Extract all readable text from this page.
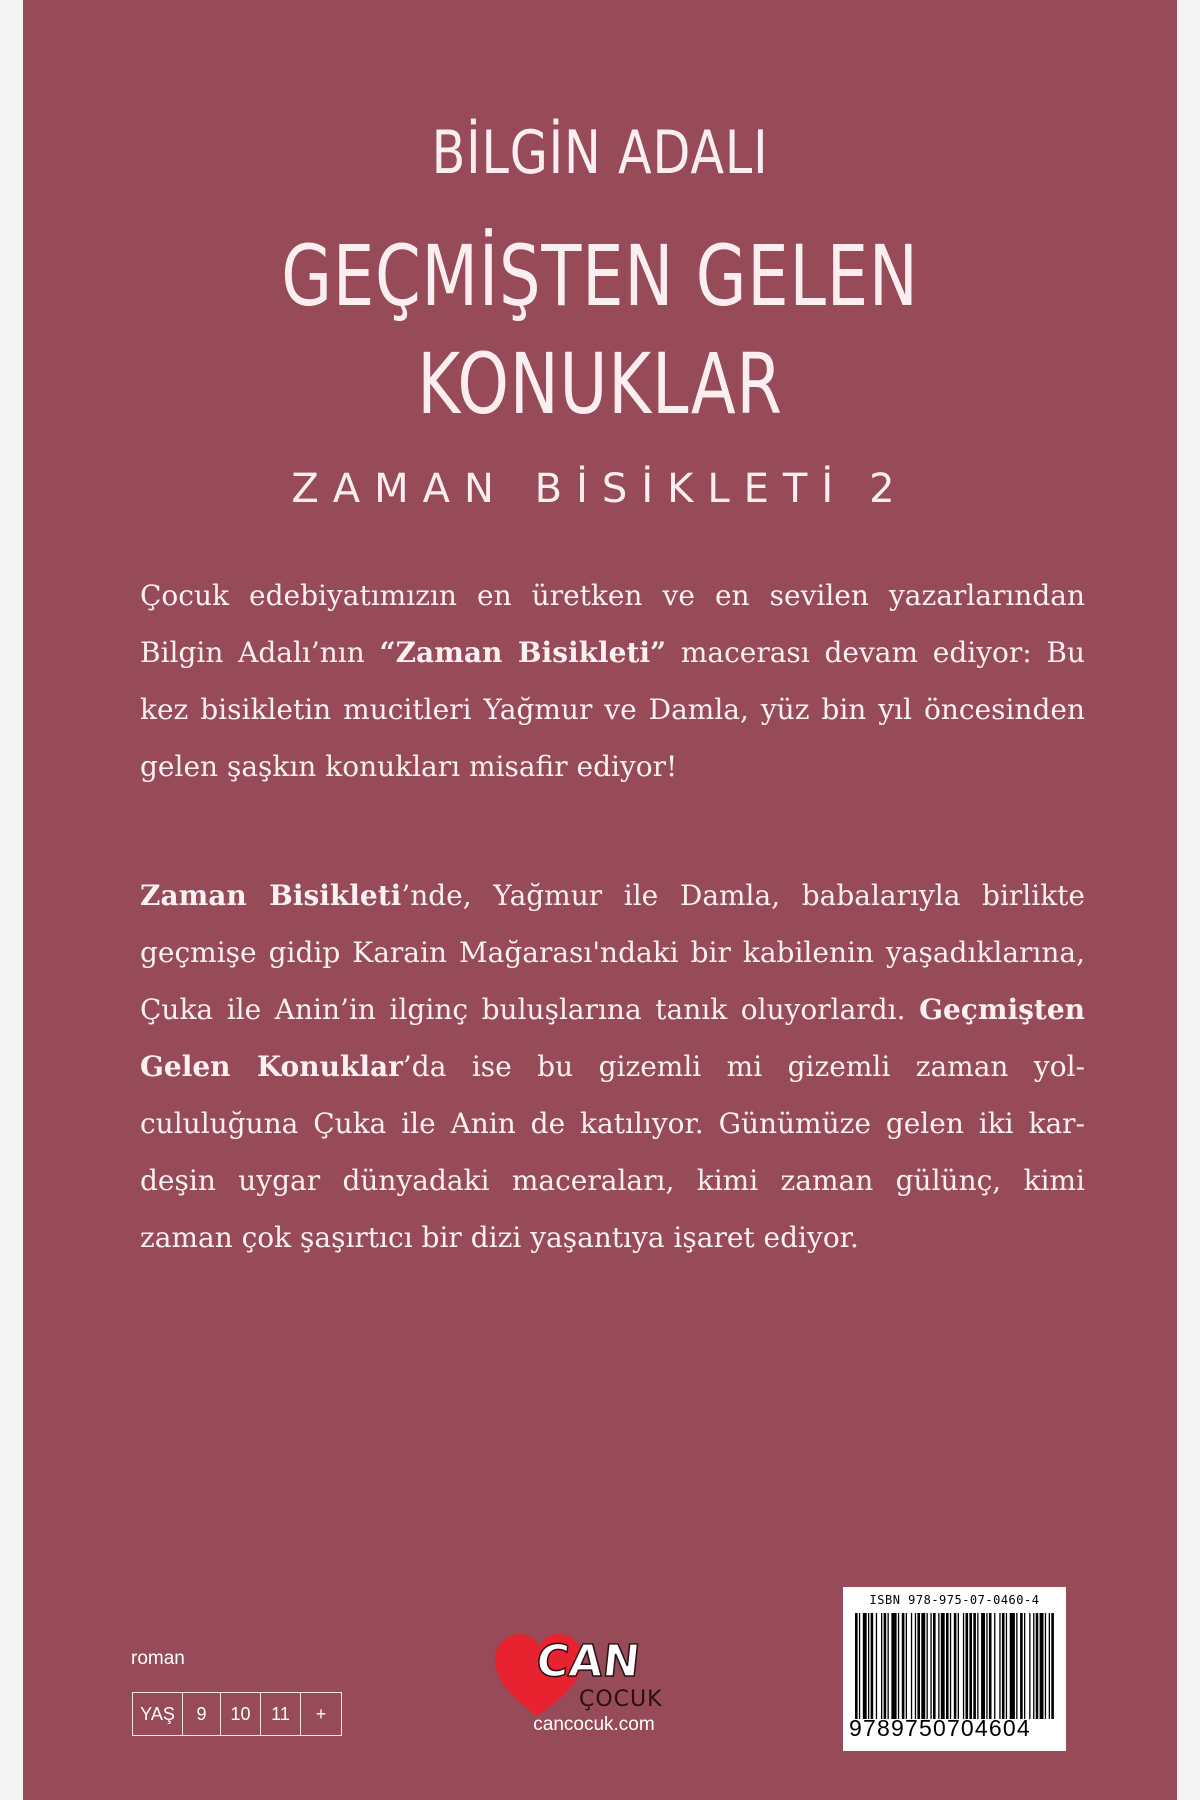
BİLGİN ADALI
GEÇMİŞTEN GELEN
KONUKLAR
ZAMAN BİSİKLETİ 2

Çocuk edebiyatımızın en üretken ve en sevilen yazarlarından Bilgin Adalı’nın “Zaman Bisikleti” macerası devam ediyor: Bu kez bisikletin mucitleri Yağmur ve Damla, yüz bin yıl öncesinden gelen şaşkın konukları misafir ediyor!

Zaman Bisikleti’nde, Yağmur ile Damla, babalarıyla birlikte geçmişe gidip Karain Mağarası'ndaki bir kabilenin yaşadıklarına, Çuka ile Anin’in ilginç buluşlarına tanık oluyorlardı. Geçmişten Gelen Konuklar’da ise bu gizemli mi gizemli zaman yolcululuğuna Çuka ile Anin de katılıyor. Günümüze gelen iki kardeşin uygar dünyadaki maceraları, kimi zaman gülünç, kimi zaman çok şaşırtıcı bir dizi yaşantıya işaret ediyor.

roman
YAŞ	9	10	11	+
CAN
ÇOCUK
cancocuk.com
ISBN 978-975-07-0460-4
9789750704604
